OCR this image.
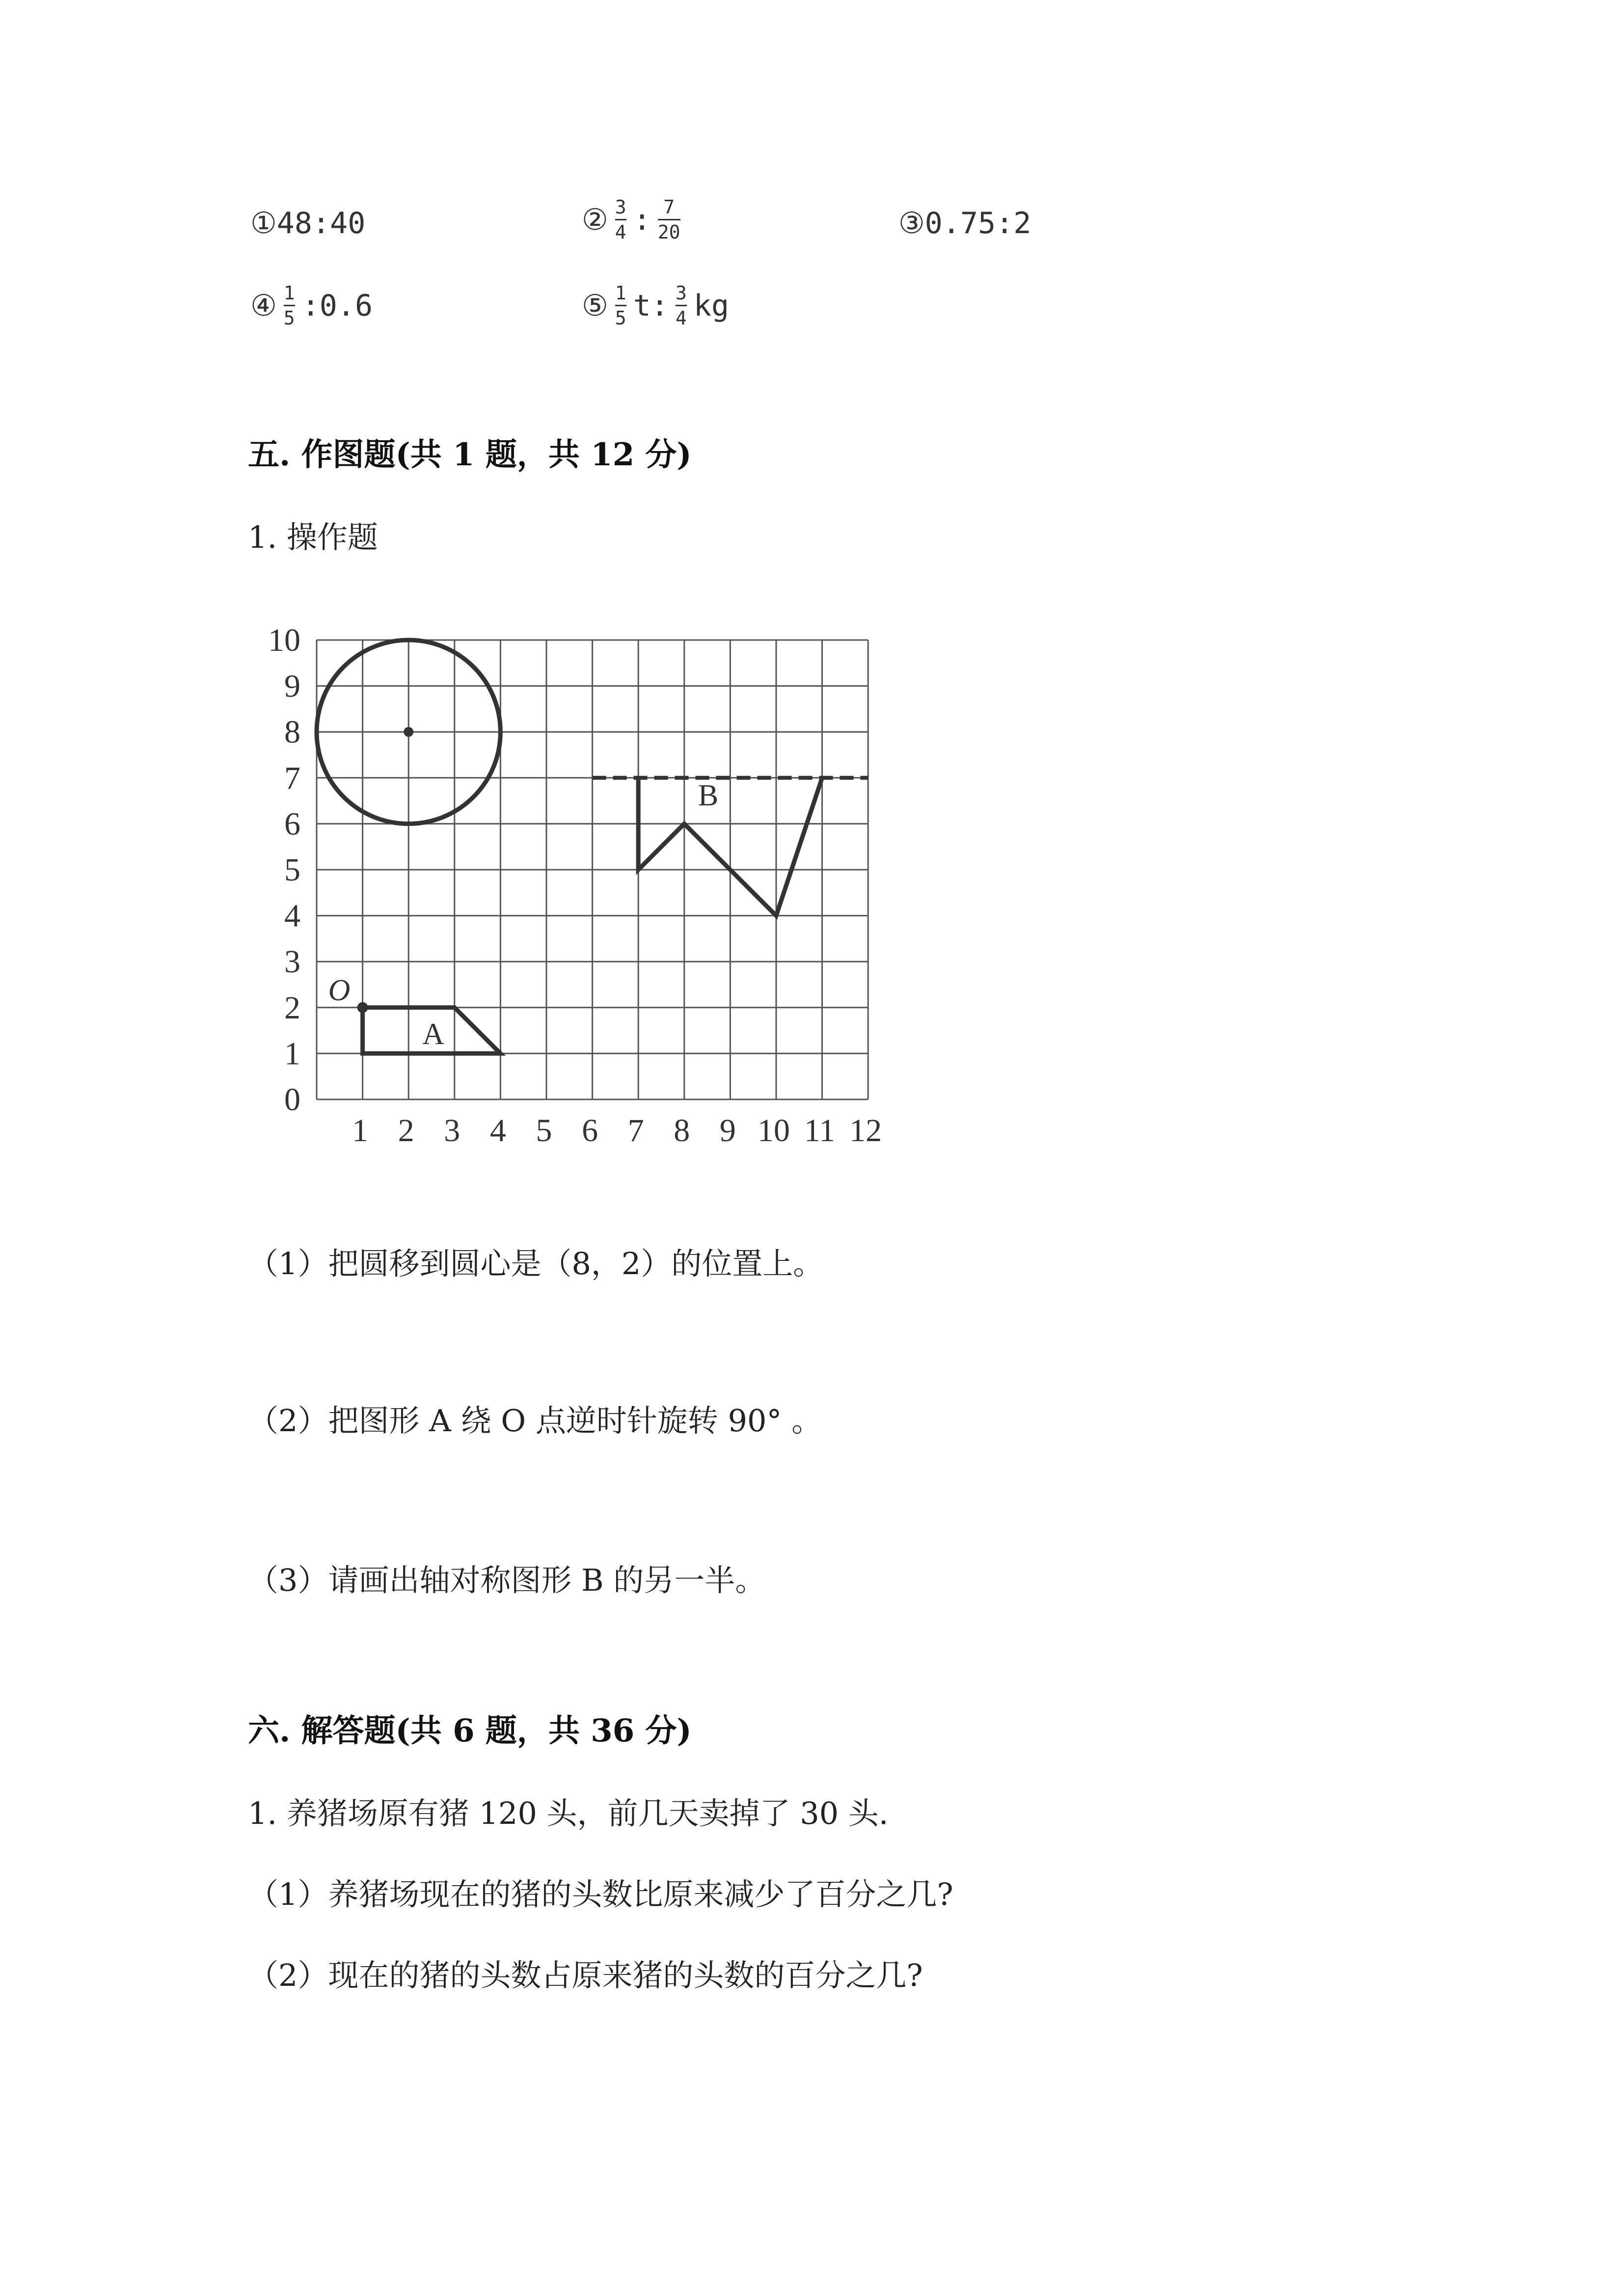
① 48:40	② $\frac{3}{4}$ : $\frac{7}{20}$	③ 0.75:2
④ $\frac{1}{5}$ :0.6	⑤ $\frac{1}{5} t$: $\frac{3}{4}$ kg
五. 作图题(共 1 题，共 12 分)
1. 操作题
0
1
2
3
4
5
6
7
8
9
10
1 2 3 4 5 6 7 8 9 10 11 12
O
A
B
（1）把圆移到圆心是（8，2）的位置上。
（2）把图形 A 绕 O 点逆时针旋转 90° 。
（3）请画出轴对称图形 B 的另一半。
六. 解答题(共 6 题，共 36 分)
1. 养猪场原有猪 120 头，前几天卖掉了 30 头.
（1）养猪场现在的猪的头数比原来减少了百分之几?
（2）现在的猪的头数占原来猪的头数的百分之几?
